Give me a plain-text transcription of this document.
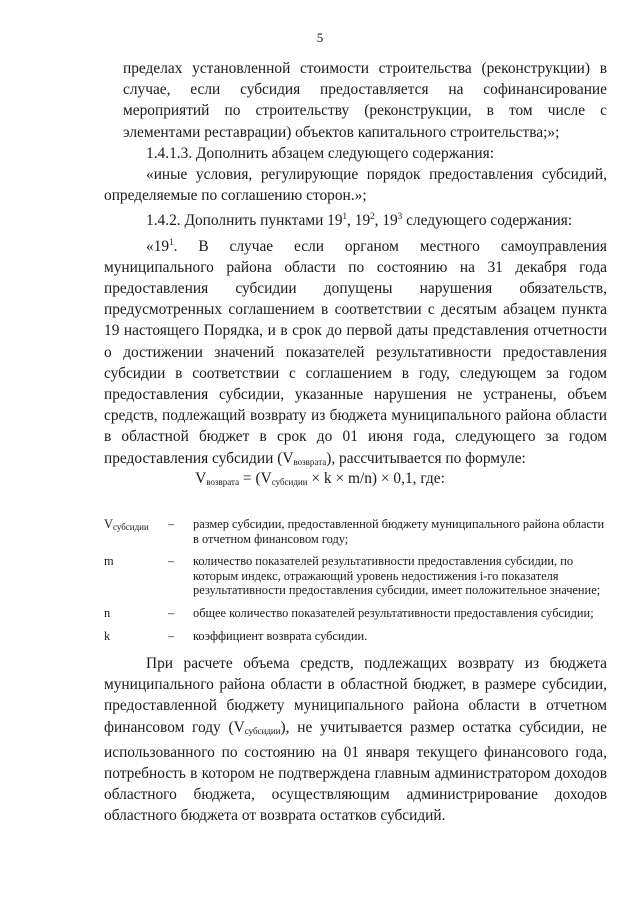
5

пределах установленной стоимости строительства (реконструкции) в случае, если субсидия предоставляется на софинансирование мероприятий по строительству (реконструкции, в том числе с элементами реставрации) объектов капитального строительства;»;

1.4.1.3. Дополнить абзацем следующего содержания:

«иные условия, регулирующие порядок предоставления субсидий, определяемые по соглашению сторон.»;

1.4.2. Дополнить пунктами $19^1$, $19^2$, $19^3$ следующего содержания:

«$19^1$. В случае если органом местного самоуправления муниципального района области по состоянию на 31 декабря года предоставления субсидии допущены нарушения обязательств, предусмотренных соглашением в соответствии с десятым абзацем пункта 19 настоящего Порядка, и в срок до первой даты представления отчетности о достижении значений показателей результативности предоставления субсидии в соответствии с соглашением в году, следующем за годом предоставления субсидии, указанные нарушения не устранены, объем средств, подлежащий возврату из бюджета муниципального района области в областной бюджет в срок до 01 июня года, следующего за годом предоставления субсидии $(V_{возврата})$, рассчитывается по формуле:

$V_{возврата} = (V_{субсидии} \times k \times m/n) \times 0,1$, где:
$V_{субсидии}$	–	размер субсидии, предоставленной бюджету муниципального района области в отчетном финансовом году;
m	–	количество показателей результативности предоставления субсидии, по которым индекс, отражающий уровень недостижения i-го показателя результативности предоставления субсидии, имеет положительное значение;
n	–	общее количество показателей результативности предоставления субсидии;
k	–	коэффициент возврата субсидии.

При расчете объема средств, подлежащих возврату из бюджета муниципального района области в областной бюджет, в размере субсидии, предоставленной бюджету муниципального района области в отчетном финансовом году $(V_{субсидии})$, не учитывается размер остатка субсидии, не использованного по состоянию на 01 января текущего финансового года, потребность в котором не подтверждена главным администратором доходов областного бюджета, осуществляющим администрирование доходов областного бюджета от возврата остатков субсидий.
